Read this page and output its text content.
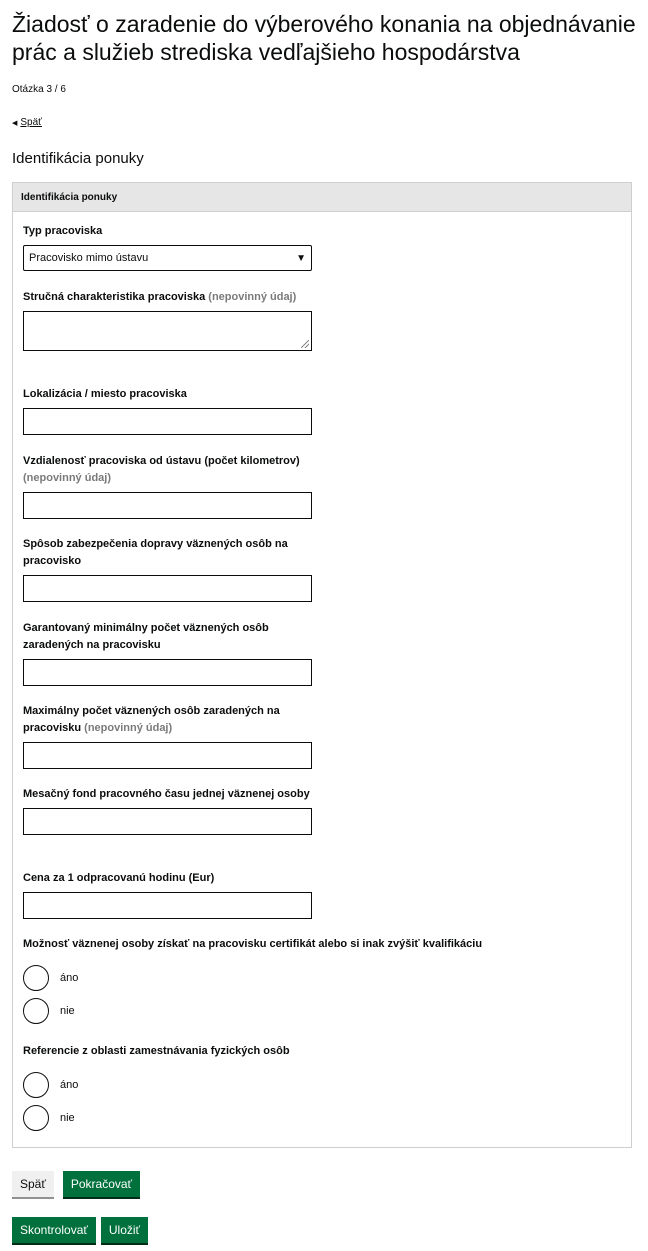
Žiadosť o zaradenie do výberového konania na objednávanie prác a služieb strediska vedľajšieho hospodárstva
Otázka 3 / 6
◀ Späť
Identifikácia ponuky
Identifikácia ponuky
Typ pracoviska
Pracovisko mimo ústavu	▼
Stručná charakteristika pracoviska (nepovinný údaj)
Lokalizácia / miesto pracoviska
Vzdialenosť pracoviska od ústavu (počet kilometrov) (nepovinný údaj)
Spôsob zabezpečenia dopravy väznených osôb na pracovisko
Garantovaný minimálny počet väznených osôb zaradených na pracovisku
Maximálny počet väznených osôb zaradených na pracovisku (nepovinný údaj)
Mesačný fond pracovného času jednej väznenej osoby
Cena za 1 odpracovanú hodinu (Eur)
Možnosť väznenej osoby získať na pracovisku certifikát alebo si inak zvýšiť kvalifikáciu
áno
nie
Referencie z oblasti zamestnávania fyzických osôb
áno
nie
Späť	Pokračovať
Skontrolovať	Uložiť
